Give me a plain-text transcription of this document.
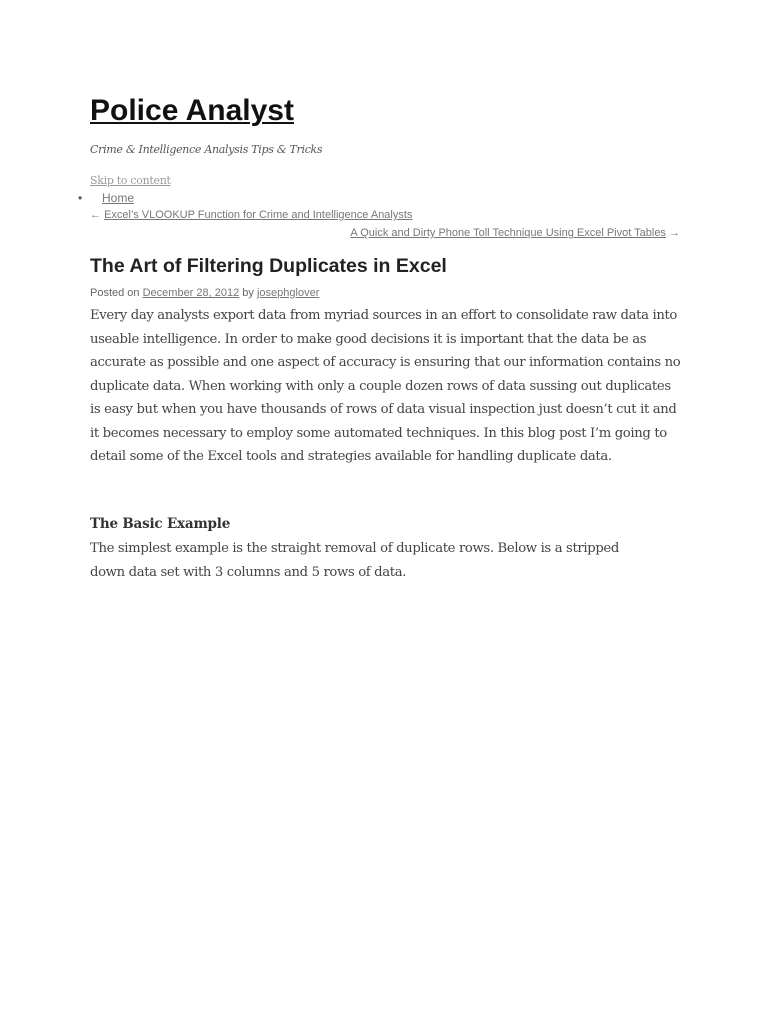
Police Analyst
Crime & Intelligence Analysis Tips & Tricks
Skip to content
• Home
← Excel’s VLOOKUP Function for Crime and Intelligence Analysts
A Quick and Dirty Phone Toll Technique Using Excel Pivot Tables →
The Art of Filtering Duplicates in Excel
Posted on December 28, 2012 by josephglover

Every day analysts export data from myriad sources in an effort to consolidate raw data into useable intelligence. In order to make good decisions it is important that the data be as accurate as possible and one aspect of accuracy is ensuring that our information contains no duplicate data. When working with only a couple dozen rows of data sussing out duplicates is easy but when you have thousands of rows of data visual inspection just doesn’t cut it and it becomes necessary to employ some automated techniques. In this blog post I’m going to detail some of the Excel tools and strategies available for handling duplicate data.

The Basic Example

The simplest example is the straight removal of duplicate rows. Below is a stripped down data set with 3 columns and 5 rows of data.
